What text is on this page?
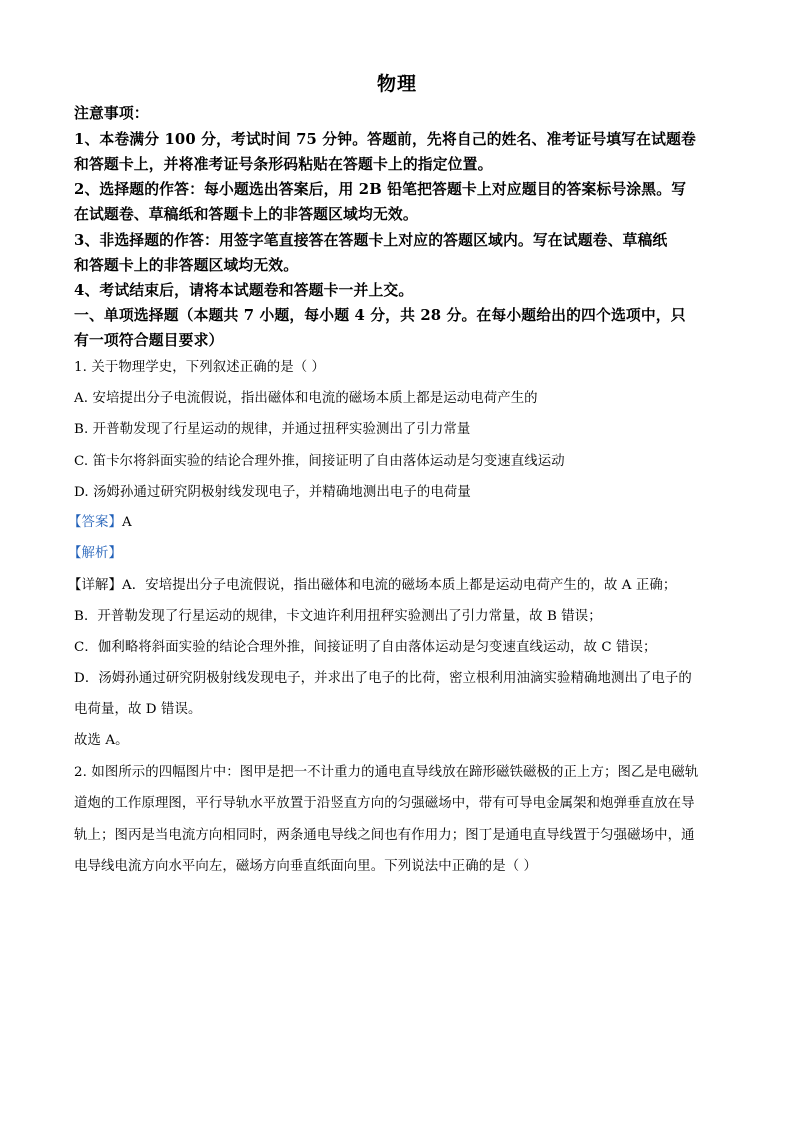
物理
注意事项：
1、本卷满分 100 分，考试时间 75 分钟。答题前，先将自己的姓名、准考证号填写在试题卷
和答题卡上，并将准考证号条形码粘贴在答题卡上的指定位置。
2、选择题的作答：每小题选出答案后，用 2B 铅笔把答题卡上对应题目的答案标号涂黑。写
在试题卷、草稿纸和答题卡上的非答题区域均无效。
3、非选择题的作答：用签字笔直接答在答题卡上对应的答题区域内。写在试题卷、草稿纸
和答题卡上的非答题区域均无效。
4、考试结束后，请将本试题卷和答题卡一并上交。
一、单项选择题（本题共 7 小题，每小题 4 分，共 28 分。在每小题给出的四个选项中，只
有一项符合题目要求）
1. 关于物理学史，下列叙述正确的是（ ）
A. 安培提出分子电流假说，指出磁体和电流的磁场本质上都是运动电荷产生的
B. 开普勒发现了行星运动的规律，并通过扭秤实验测出了引力常量
C. 笛卡尔将斜面实验的结论合理外推，间接证明了自由落体运动是匀变速直线运动
D. 汤姆孙通过研究阴极射线发现电子，并精确地测出电子的电荷量
【答案】A
【解析】
【详解】A．安培提出分子电流假说，指出磁体和电流的磁场本质上都是运动电荷产生的，故 A 正确；
B．开普勒发现了行星运动的规律，卡文迪许利用扭秤实验测出了引力常量，故 B 错误；
C．伽利略将斜面实验的结论合理外推，间接证明了自由落体运动是匀变速直线运动，故 C 错误；
D．汤姆孙通过研究阴极射线发现电子，并求出了电子的比荷，密立根利用油滴实验精确地测出了电子的
电荷量，故 D 错误。
故选 A。
2. 如图所示的四幅图片中：图甲是把一不计重力的通电直导线放在蹄形磁铁磁极的正上方；图乙是电磁轨
道炮的工作原理图，平行导轨水平放置于沿竖直方向的匀强磁场中，带有可导电金属架和炮弹垂直放在导
轨上；图丙是当电流方向相同时，两条通电导线之间也有作用力；图丁是通电直导线置于匀强磁场中，通
电导线电流方向水平向左，磁场方向垂直纸面向里。下列说法中正确的是（ ）
